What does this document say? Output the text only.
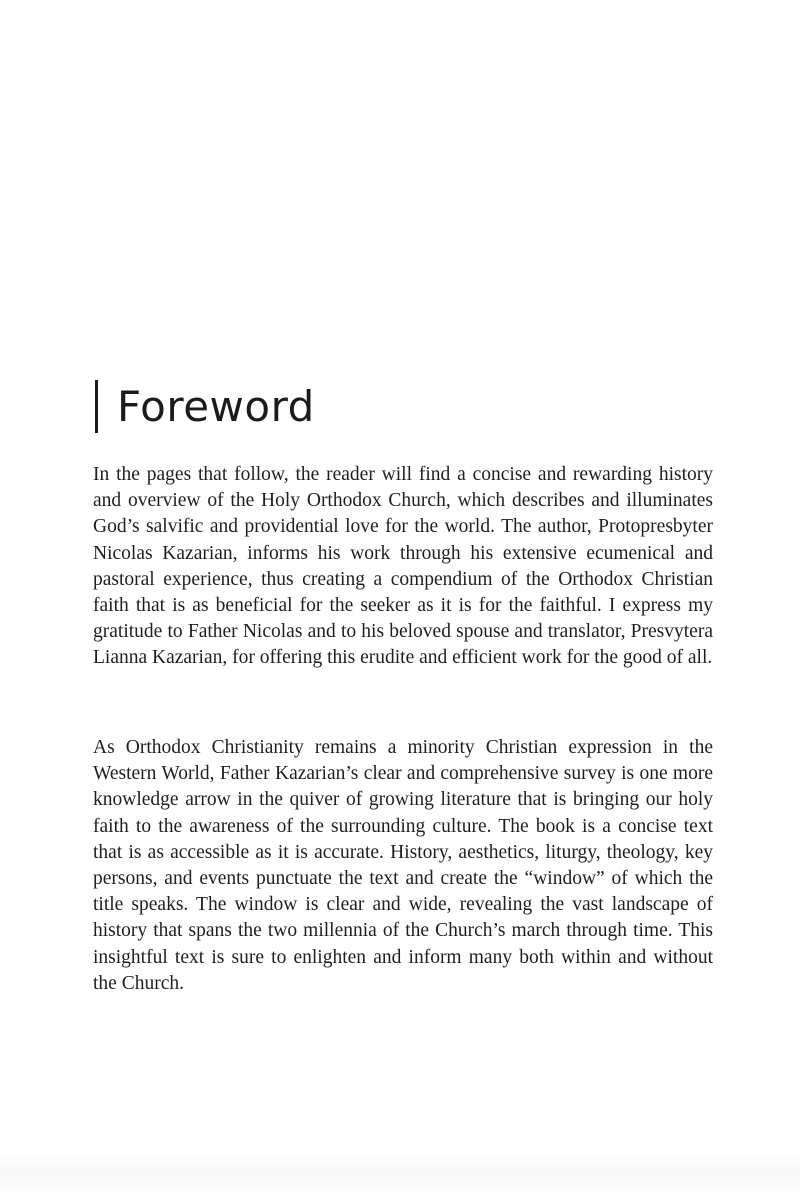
Foreword

In the pages that follow, the reader will find a concise and rewarding history and overview of the Holy Orthodox Church, which describes and illuminates God’s salvific and providential love for the world. The author, Protopresbyter Nicolas Kazarian, informs his work through his extensive ecumenical and pastoral experience, thus creating a compendium of the Orthodox Christian faith that is as beneficial for the seeker as it is for the faithful. I express my gratitude to Father Nicolas and to his beloved spouse and translator, Presvytera Lianna Kazarian, for offering this erudite and efficient work for the good of all.

As Orthodox Christianity remains a minority Christian expression in the Western World, Father Kazarian’s clear and comprehensive survey is one more knowledge arrow in the quiver of growing literature that is bringing our holy faith to the awareness of the surrounding culture. The book is a concise text that is as accessible as it is accurate. History, aesthetics, liturgy, theology, key persons, and events punctuate the text and create the “window” of which the title speaks. The window is clear and wide, revealing the vast landscape of history that spans the two millennia of the Church’s march through time. This insightful text is sure to enlighten and inform many both within and without the Church.
